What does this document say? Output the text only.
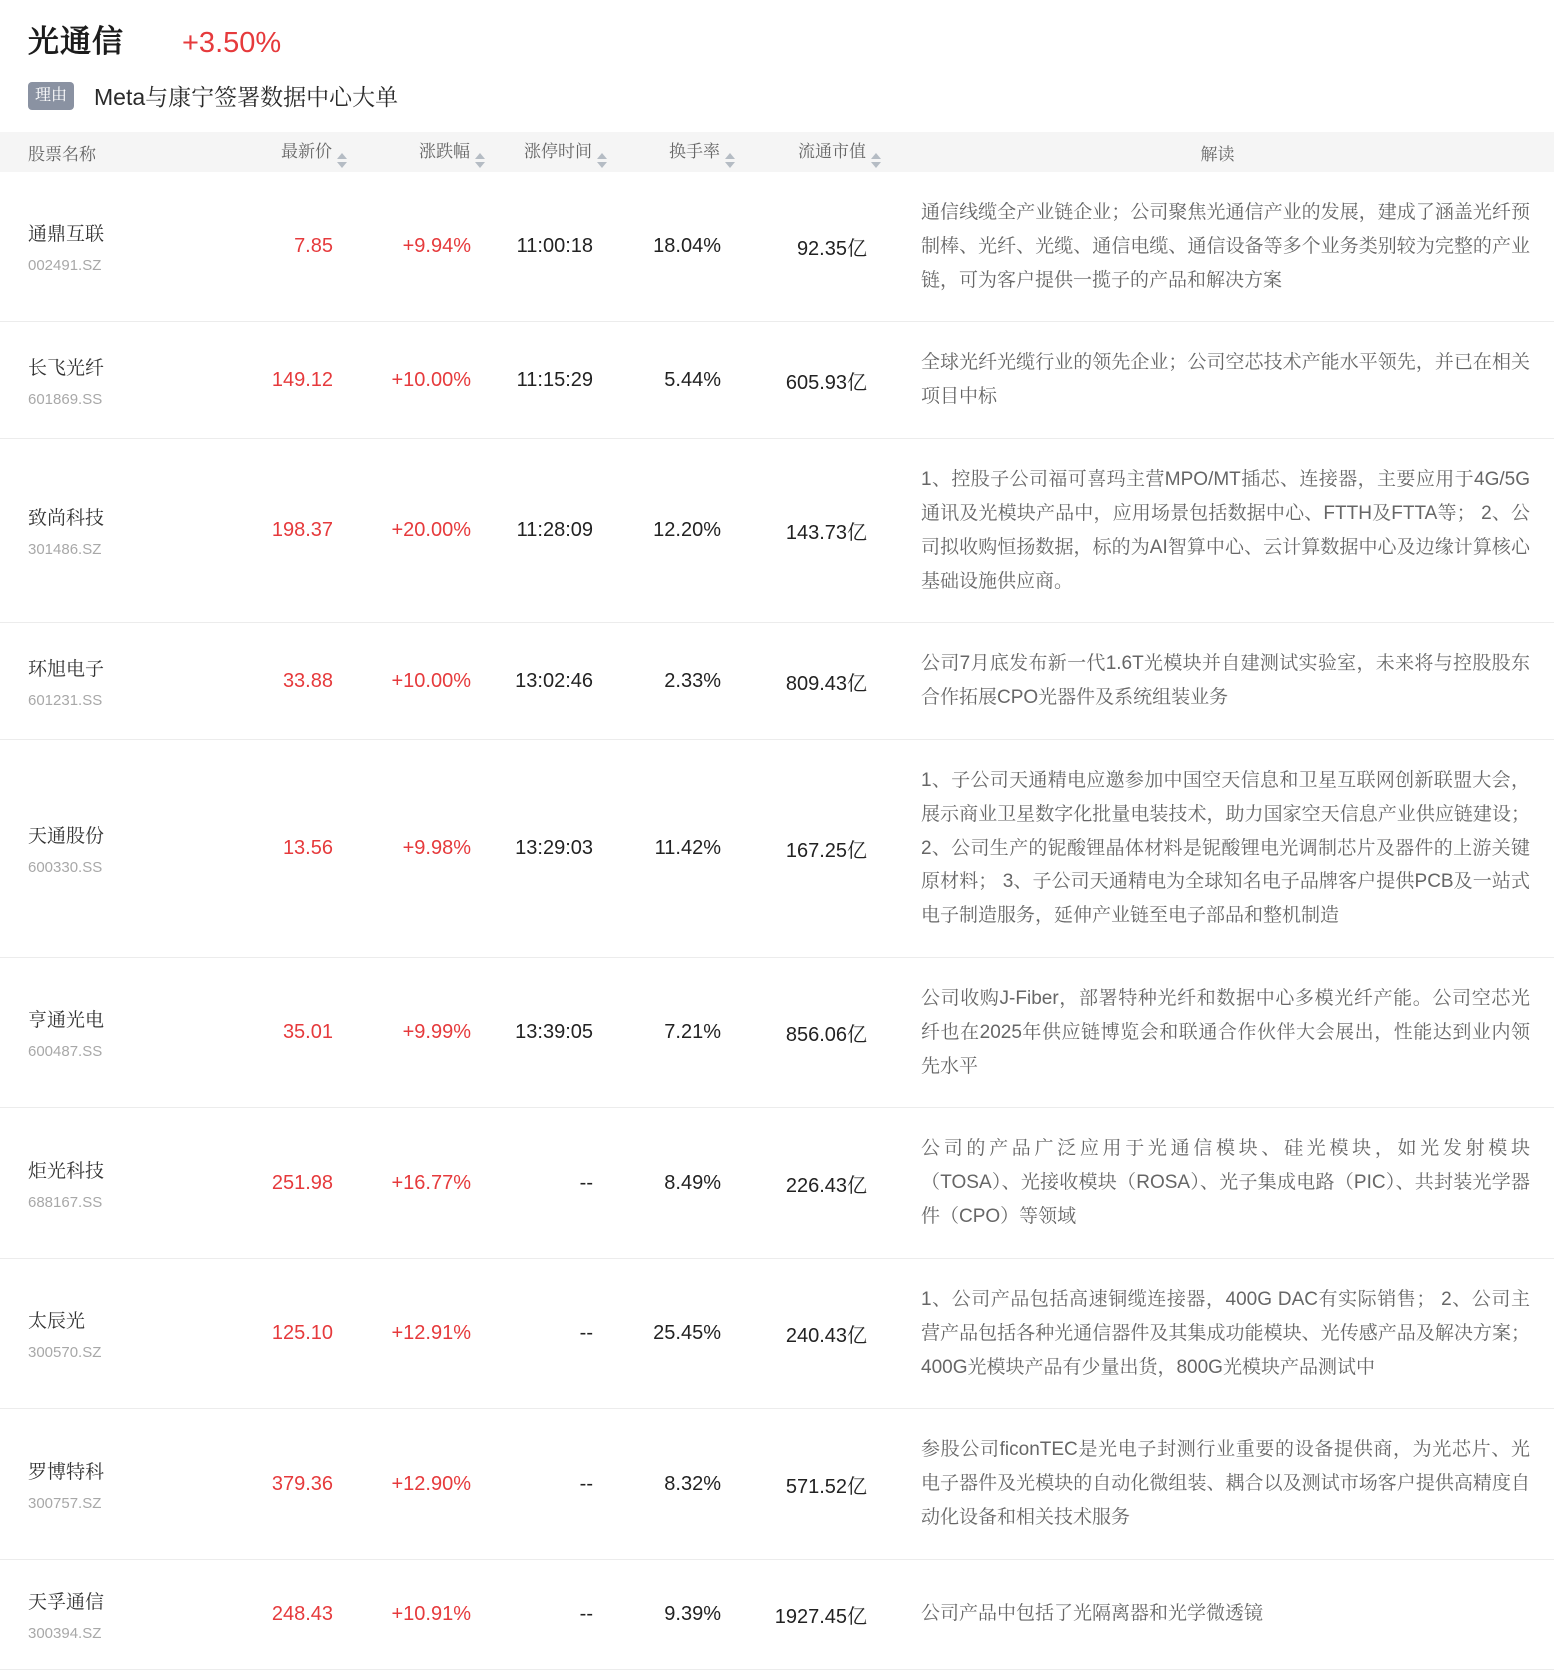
光通信 +3.50%
理由	Meta与康宁签署数据中心大单
股票名称	最新价	涨跌幅	涨停时间	换手率	流通市值	解读

通鼎互联
002491.SZ	7.85	+9.94%	11:00:18	18.04%	92.35亿	通信线缆全产业链企业；公司聚焦光通信产业的发展，建成了涵盖光纤预制棒、光纤、光缆、通信电缆、通信设备等多个业务类别较为完整的产业链，可为客户提供一揽子的产品和解决方案

长飞光纤
601869.SS	149.12	+10.00%	11:15:29	5.44%	605.93亿	全球光纤光缆行业的领先企业；公司空芯技术产能水平领先，并已在相关项目中标

致尚科技
301486.SZ	198.37	+20.00%	11:28:09	12.20%	143.73亿	1、控股子公司福可喜玛主营MPO/MT插芯、连接器，主要应用于4G/5G通讯及光模块产品中，应用场景包括数据中心、FTTH及FTTA等； 2、公司拟收购恒扬数据，标的为AI智算中心、云计算数据中心及边缘计算核心基础设施供应商。

环旭电子
601231.SS	33.88	+10.00%	13:02:46	2.33%	809.43亿	公司7月底发布新一代1.6T光模块并自建测试实验室，未来将与控股股东合作拓展CPO光器件及系统组装业务

天通股份
600330.SS	13.56	+9.98%	13:29:03	11.42%	167.25亿	1、子公司天通精电应邀参加中国空天信息和卫星互联网创新联盟大会，展示商业卫星数字化批量电装技术，助力国家空天信息产业供应链建设； 2、公司生产的铌酸锂晶体材料是铌酸锂电光调制芯片及器件的上游关键原材料； 3、子公司天通精电为全球知名电子品牌客户提供PCB及一站式电子制造服务，延伸产业链至电子部品和整机制造

亨通光电
600487.SS	35.01	+9.99%	13:39:05	7.21%	856.06亿	公司收购J-Fiber，部署特种光纤和数据中心多模光纤产能。公司空芯光纤也在2025年供应链博览会和联通合作伙伴大会展出，性能达到业内领先水平

炬光科技
688167.SS	251.98	+16.77%	--	8.49%	226.43亿	公司的产品广泛应用于光通信模块、硅光模块，如光发射模块（TOSA）、光接收模块（ROSA）、光子集成电路（PIC）、共封装光学器件（CPO）等领域

太辰光
300570.SZ	125.10	+12.91%	--	25.45%	240.43亿	1、公司产品包括高速铜缆连接器，400G DAC有实际销售； 2、公司主营产品包括各种光通信器件及其集成功能模块、光传感产品及解决方案；400G光模块产品有少量出货，800G光模块产品测试中

罗博特科
300757.SZ	379.36	+12.90%	--	8.32%	571.52亿	参股公司ficonTEC是光电子封测行业重要的设备提供商，为光芯片、光电子器件及光模块的自动化微组装、耦合以及测试市场客户提供高精度自动化设备和相关技术服务

天孚通信
300394.SZ	248.43	+10.91%	--	9.39%	1927.45亿	公司产品中包括了光隔离器和光学微透镜
